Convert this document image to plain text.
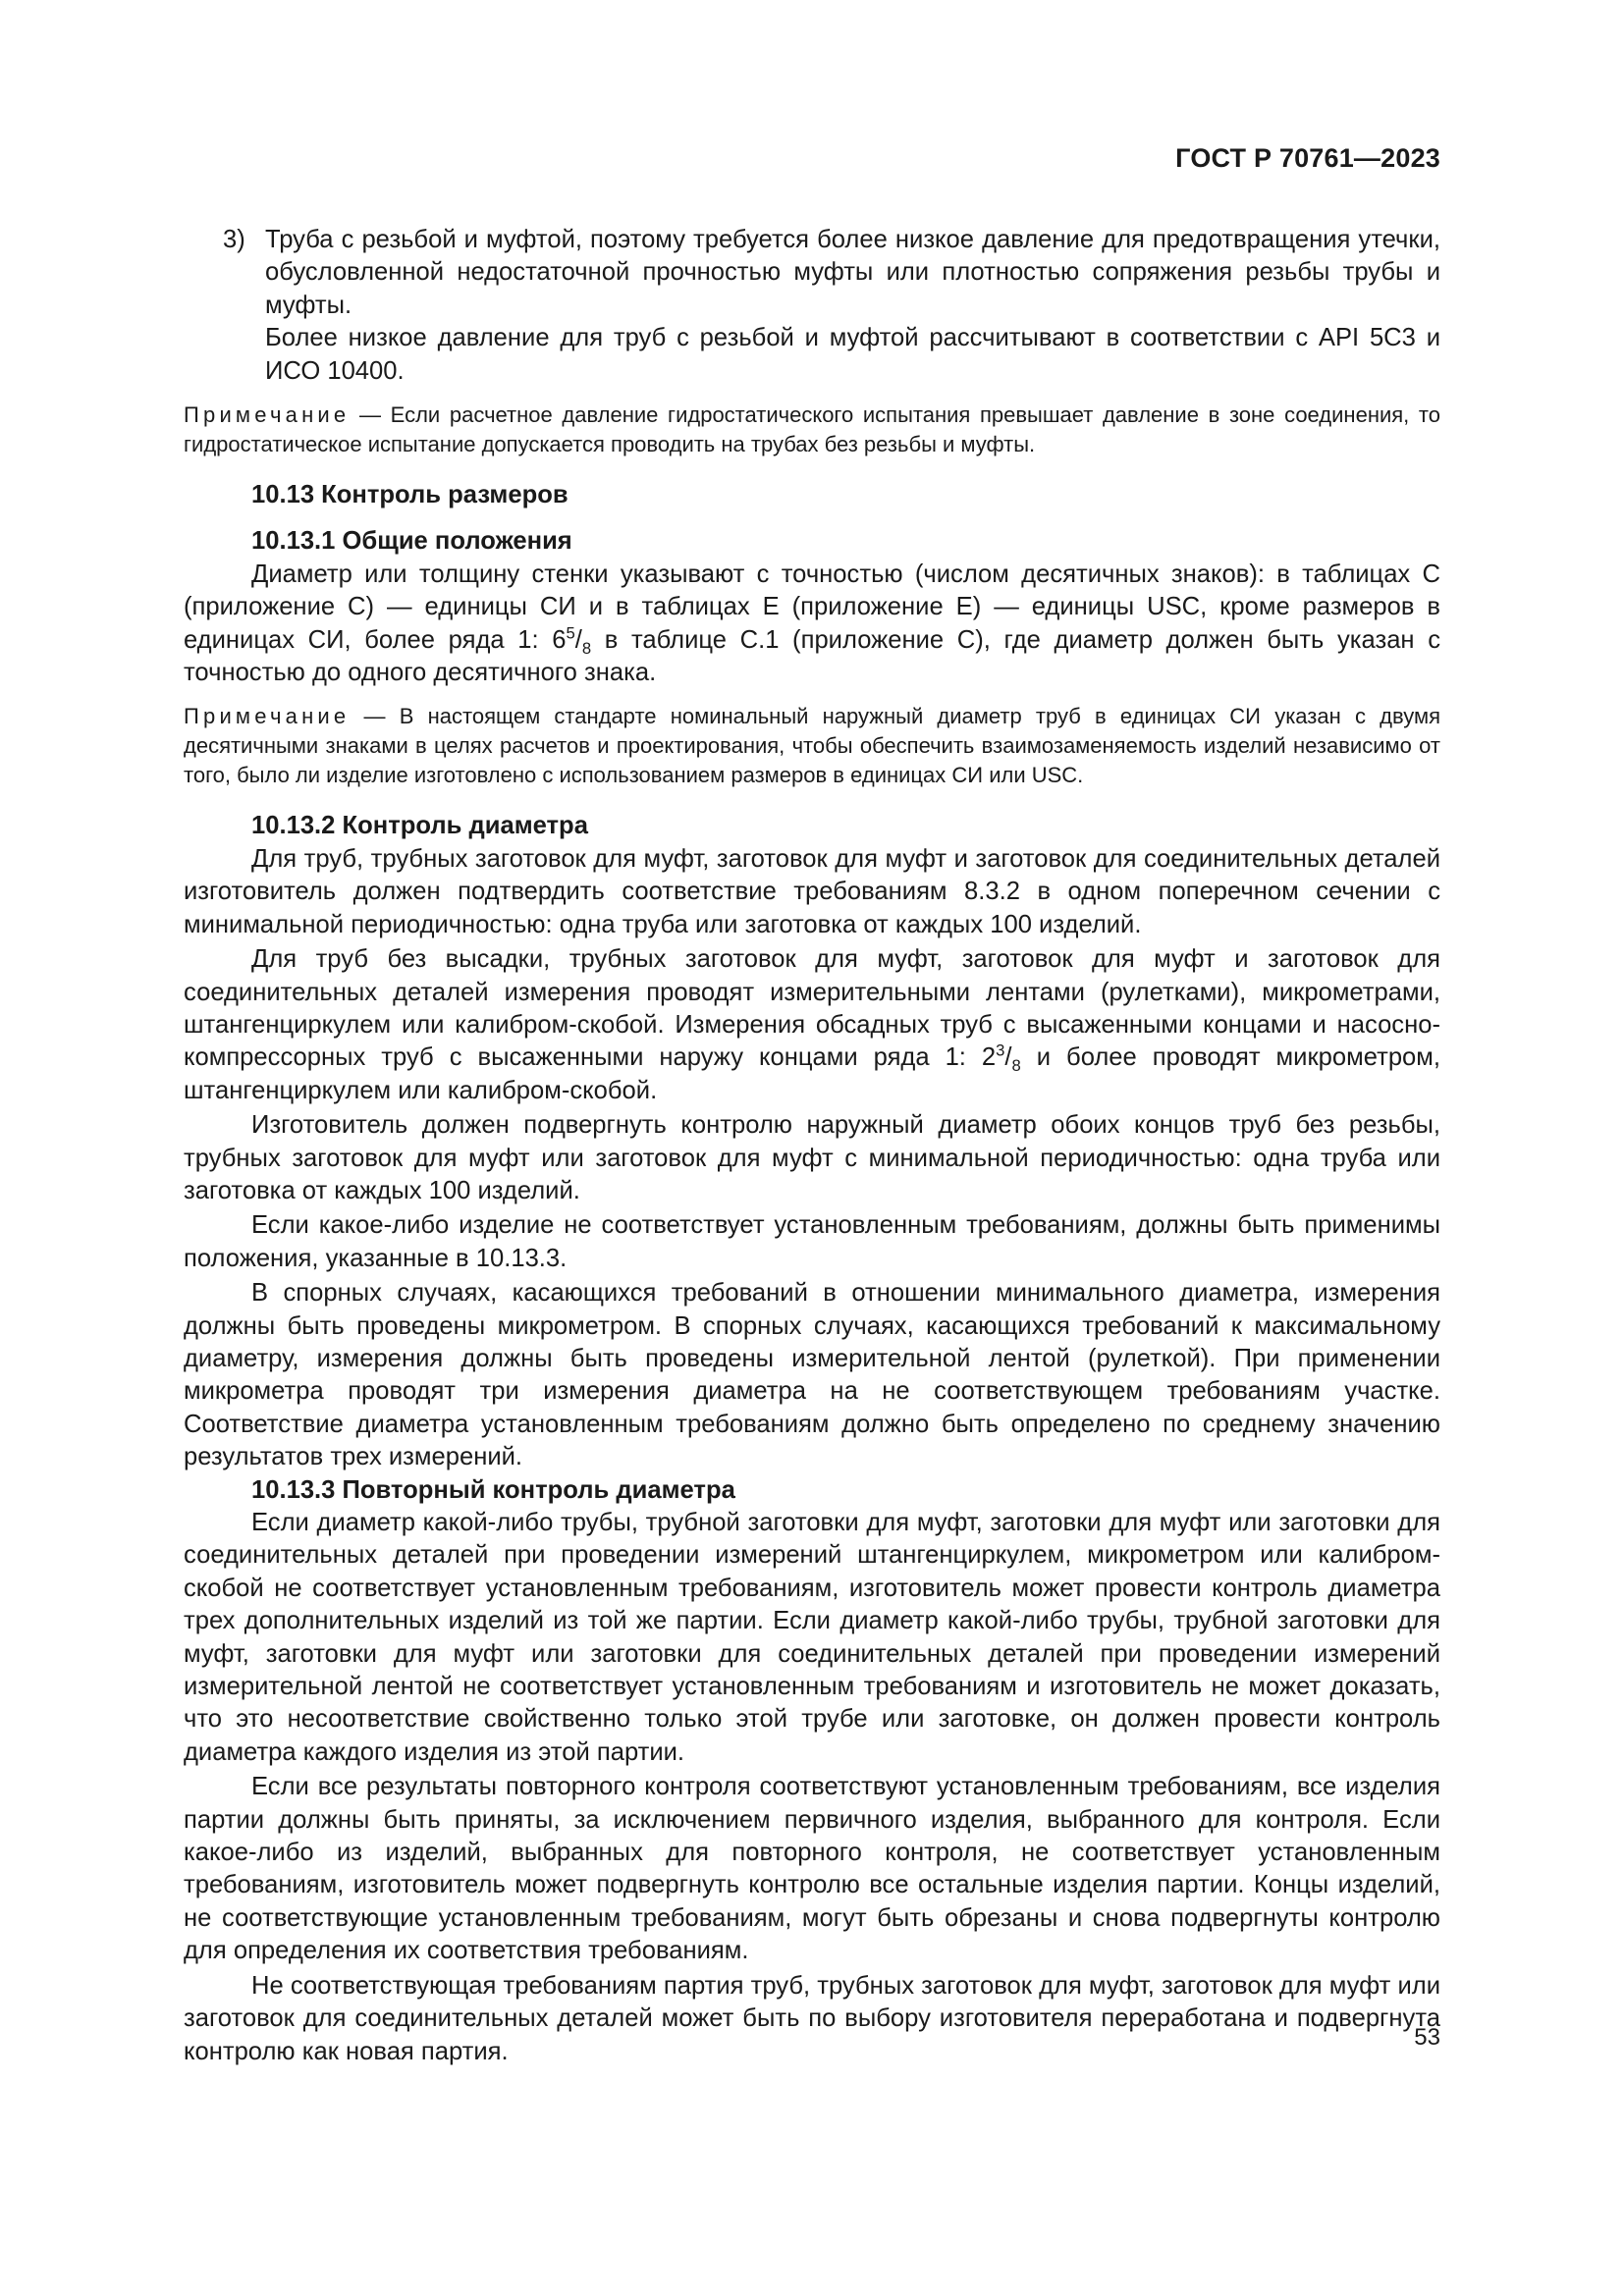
ГОСТ Р 70761—2023
3) Труба с резьбой и муфтой, поэтому требуется более низкое давление для предотвращения утечки, обусловленной недостаточной прочностью муфты или плотностью сопряжения резьбы трубы и муфты.
Более низкое давление для труб с резьбой и муфтой рассчитывают в соответствии с API 5C3 и ИСО 10400.

Примечание — Если расчетное давление гидростатического испытания превышает давление в зоне соединения, то гидростатическое испытание допускается проводить на трубах без резьбы и муфты.

10.13 Контроль размеров
10.13.1 Общие положения

Диаметр или толщину стенки указывают с точностью (числом десятичных знаков): в таблицах С (приложение С) — единицы СИ и в таблицах Е (приложение Е) — единицы USC, кроме размеров в единицах СИ, более ряда 1: $6^5/_8$ в таблице С.1 (приложение С), где диаметр должен быть указан с точностью до одного десятичного знака.

Примечание — В настоящем стандарте номинальный наружный диаметр труб в единицах СИ указан с двумя десятичными знаками в целях расчетов и проектирования, чтобы обеспечить взаимозаменяемость изделий независимо от того, было ли изделие изготовлено с использованием размеров в единицах СИ или USC.

10.13.2 Контроль диаметра

Для труб, трубных заготовок для муфт, заготовок для муфт и заготовок для соединительных деталей изготовитель должен подтвердить соответствие требованиям 8.3.2 в одном поперечном сечении с минимальной периодичностью: одна труба или заготовка от каждых 100 изделий.

Для труб без высадки, трубных заготовок для муфт, заготовок для муфт и заготовок для соединительных деталей измерения проводят измерительными лентами (рулетками), микрометрами, штангенциркулем или калибром-скобой. Измерения обсадных труб с высаженными концами и насосно-компрессорных труб с высаженными наружу концами ряда 1: $2^3/_8$ и более проводят микрометром, штангенциркулем или калибром-скобой.

Изготовитель должен подвергнуть контролю наружный диаметр обоих концов труб без резьбы, трубных заготовок для муфт или заготовок для муфт с минимальной периодичностью: одна труба или заготовка от каждых 100 изделий.

Если какое-либо изделие не соответствует установленным требованиям, должны быть применимы положения, указанные в 10.13.3.

В спорных случаях, касающихся требований в отношении минимального диаметра, измерения должны быть проведены микрометром. В спорных случаях, касающихся требований к максимальному диаметру, измерения должны быть проведены измерительной лентой (рулеткой). При применении микрометра проводят три измерения диаметра на не соответствующем требованиям участке. Соответствие диаметра установленным требованиям должно быть определено по среднему значению результатов трех измерений.

10.13.3 Повторный контроль диаметра

Если диаметр какой-либо трубы, трубной заготовки для муфт, заготовки для муфт или заготовки для соединительных деталей при проведении измерений штангенциркулем, микрометром или калибром-скобой не соответствует установленным требованиям, изготовитель может провести контроль диаметра трех дополнительных изделий из той же партии. Если диаметр какой-либо трубы, трубной заготовки для муфт, заготовки для муфт или заготовки для соединительных деталей при проведении измерений измерительной лентой не соответствует установленным требованиям и изготовитель не может доказать, что это несоответствие свойственно только этой трубе или заготовке, он должен провести контроль диаметра каждого изделия из этой партии.

Если все результаты повторного контроля соответствуют установленным требованиям, все изделия партии должны быть приняты, за исключением первичного изделия, выбранного для контроля. Если какое-либо из изделий, выбранных для повторного контроля, не соответствует установленным требованиям, изготовитель может подвергнуть контролю все остальные изделия партии. Концы изделий, не соответствующие установленным требованиям, могут быть обрезаны и снова подвергнуты контролю для определения их соответствия требованиям.

Не соответствующая требованиям партия труб, трубных заготовок для муфт, заготовок для муфт или заготовок для соединительных деталей может быть по выбору изготовителя переработана и подвергнута контролю как новая партия.	53
